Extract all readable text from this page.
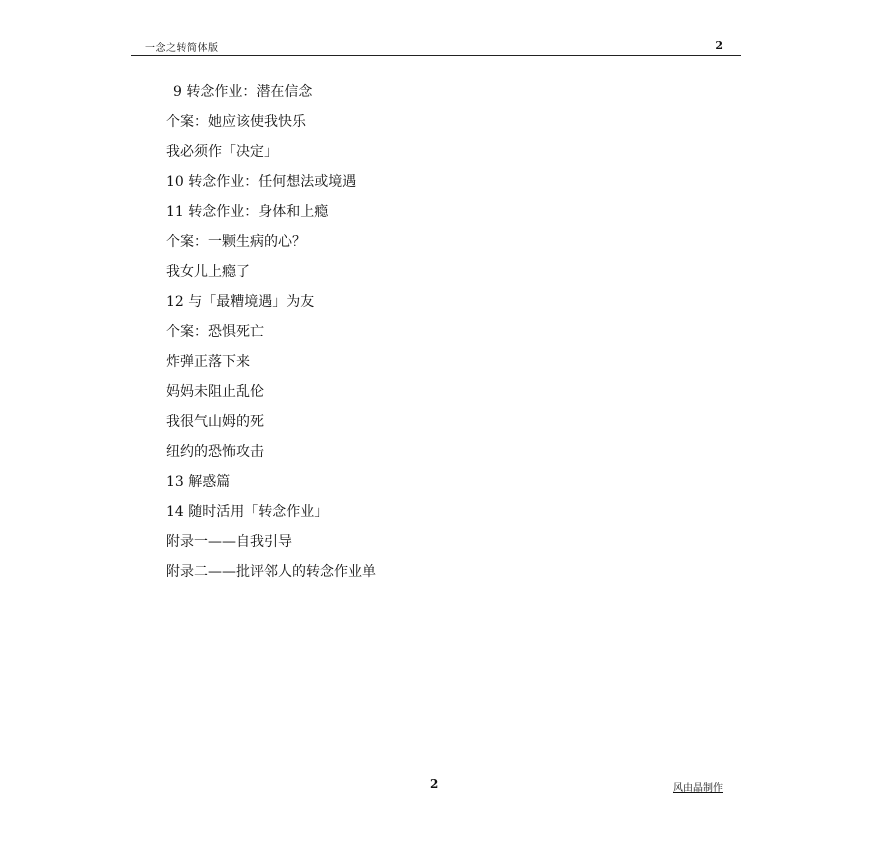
一念之转简体版	2
9 转念作业：潜在信念
个案：她应该使我快乐
我必须作「决定」
10 转念作业：任何想法或境遇
11 转念作业：身体和上瘾
个案：一颗生病的心？
我女儿上瘾了
12 与「最糟境遇」为友
个案：恐惧死亡
炸弹正落下来
妈妈未阻止乱伦
我很气山姆的死
纽约的恐怖攻击
13 解惑篇
14 随时活用「转念作业」
附录一——自我引导
附录二——批评邻人的转念作业单
2	风由晶制作
